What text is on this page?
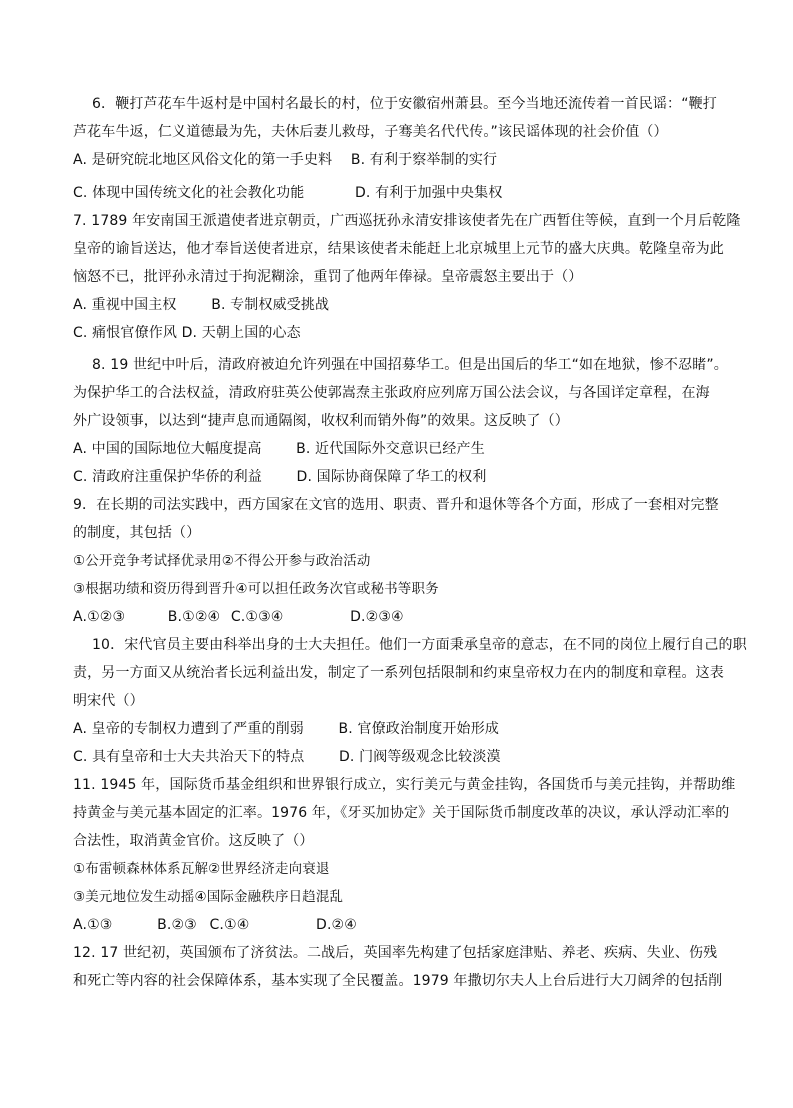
6．鞭打芦花车牛返村是中国村名最长的村，位于安徽宿州萧县。至今当地还流传着一首民谣：“鞭打
芦花车牛返，仁义道德最为先，夫休后妻儿救母，子骞美名代代传。”该民谣体现的社会价值（）
A. 是研究皖北地区风俗文化的第一手史料 B. 有利于察举制的实行
C. 体现中国传统文化的社会教化功能	D. 有利于加强中央集权
7. 1789 年安南国王派遣使者进京朝贡，广西巡抚孙永清安排该使者先在广西暂住等候，直到一个月后乾隆
皇帝的谕旨送达，他才奉旨送使者进京，结果该使者未能赶上北京城里上元节的盛大庆典。乾隆皇帝为此
恼怒不已，批评孙永清过于拘泥糊涂，重罚了他两年俸禄。皇帝震怒主要出于（）
A. 重视中国主权 B. 专制权威受挑战
C. 痛恨官僚作风 D. 天朝上国的心态
8. 19 世纪中叶后，清政府被迫允许列强在中国招募华工。但是出国后的华工“如在地狱，惨不忍睹”。
为保护华工的合法权益，清政府驻英公使郭嵩焘主张政府应列席万国公法会议，与各国详定章程，在海
外广设领事，以达到“捷声息而通隔阂，收权利而销外侮”的效果。这反映了（）
A. 中国的国际地位大幅度提高 B. 近代国际外交意识已经产生
C. 清政府注重保护华侨的利益 D. 国际协商保障了华工的权利
9．在长期的司法实践中，西方国家在文官的选用、职责、晋升和退休等各个方面，形成了一套相对完整
的制度，其包括（）
①公开竞争考试择优录用②不得公开参与政治活动
③根据功绩和资历得到晋升④可以担任政务次官或秘书等职务
A.①②③	B.①②④ C.①③④	D.②③④
10．宋代官员主要由科举出身的士大夫担任。他们一方面秉承皇帝的意志，在不同的岗位上履行自己的职
责，另一方面又从统治者长远利益出发，制定了一系列包括限制和约束皇帝权力在内的制度和章程。这表
明宋代（）
A. 皇帝的专制权力遭到了严重的削弱 B. 官僚政治制度开始形成
C. 具有皇帝和士大夫共治天下的特点 D. 门阀等级观念比较淡漠
11. 1945 年，国际货币基金组织和世界银行成立，实行美元与黄金挂钩，各国货币与美元挂钩，并帮助维
持黄金与美元基本固定的汇率。1976 年，《牙买加协定》关于国际货币制度改革的决议，承认浮动汇率的
合法性，取消黄金官价。这反映了（）
①布雷顿森林体系瓦解②世界经济走向衰退
③美元地位发生动摇④国际金融秩序日趋混乱
A.①③	B.②③ C.①④	D.②④
12. 17 世纪初，英国颁布了济贫法。二战后，英国率先构建了包括家庭津贴、养老、疾病、失业、伤残
和死亡等内容的社会保障体系，基本实现了全民覆盖。1979 年撒切尔夫人上台后进行大刀阔斧的包括削
